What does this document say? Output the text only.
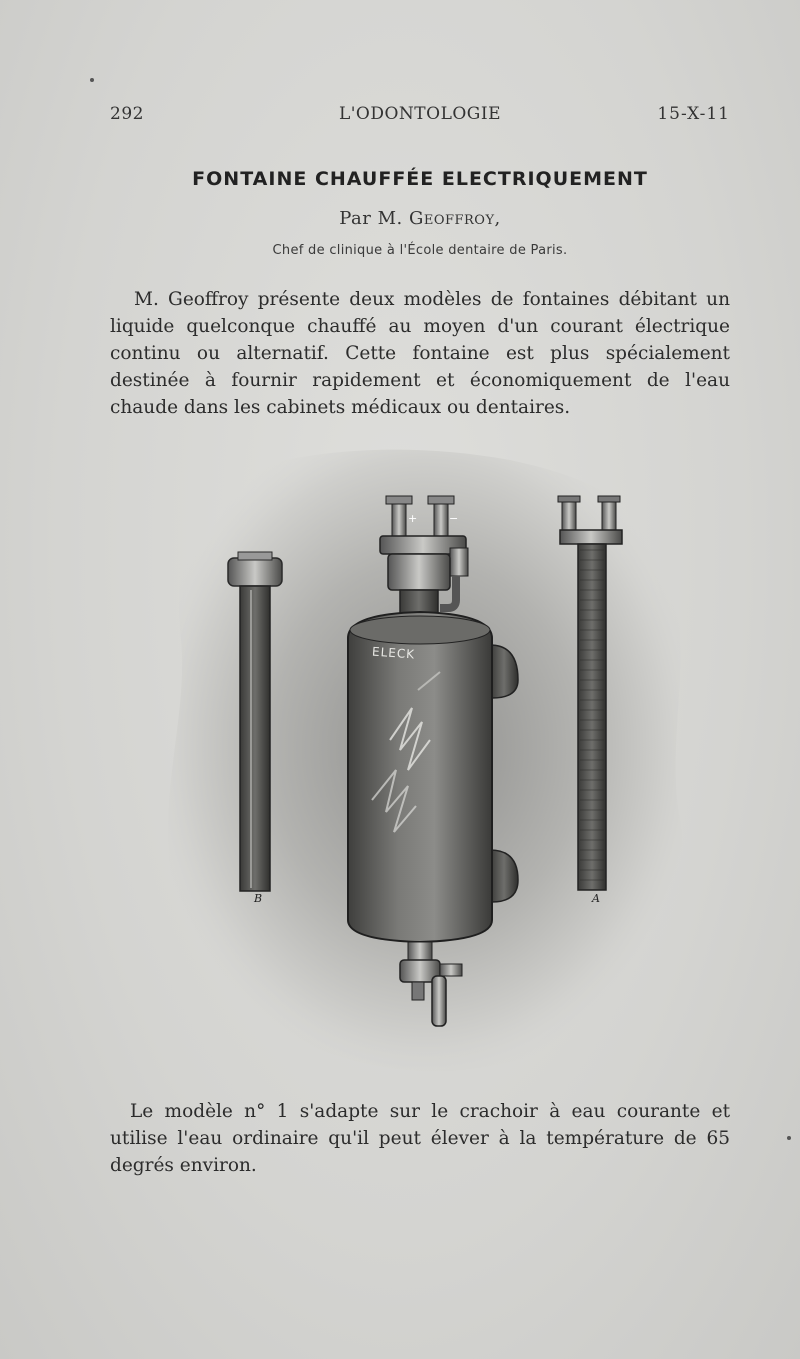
292	L'ODONTOLOGIE	15-X-11
FONTAINE CHAUFFÉE ELECTRIQUEMENT
Par M. Geoffroy,
Chef de clinique à l'École dentaire de Paris.
M. Geoffroy présente deux modèles de fontaines débitant un liquide quelconque chauffé au moyen d'un courant électrique continu ou alternatif. Cette fontaine est plus spécialement destinée à fournir rapidement et économiquement de l'eau chaude dans les cabinets médicaux ou dentaires.
+	−
ELECK
B	A
Le modèle n° 1 s'adapte sur le crachoir à eau courante et utilise l'eau ordinaire qu'il peut élever à la température de 65 degrés environ.
